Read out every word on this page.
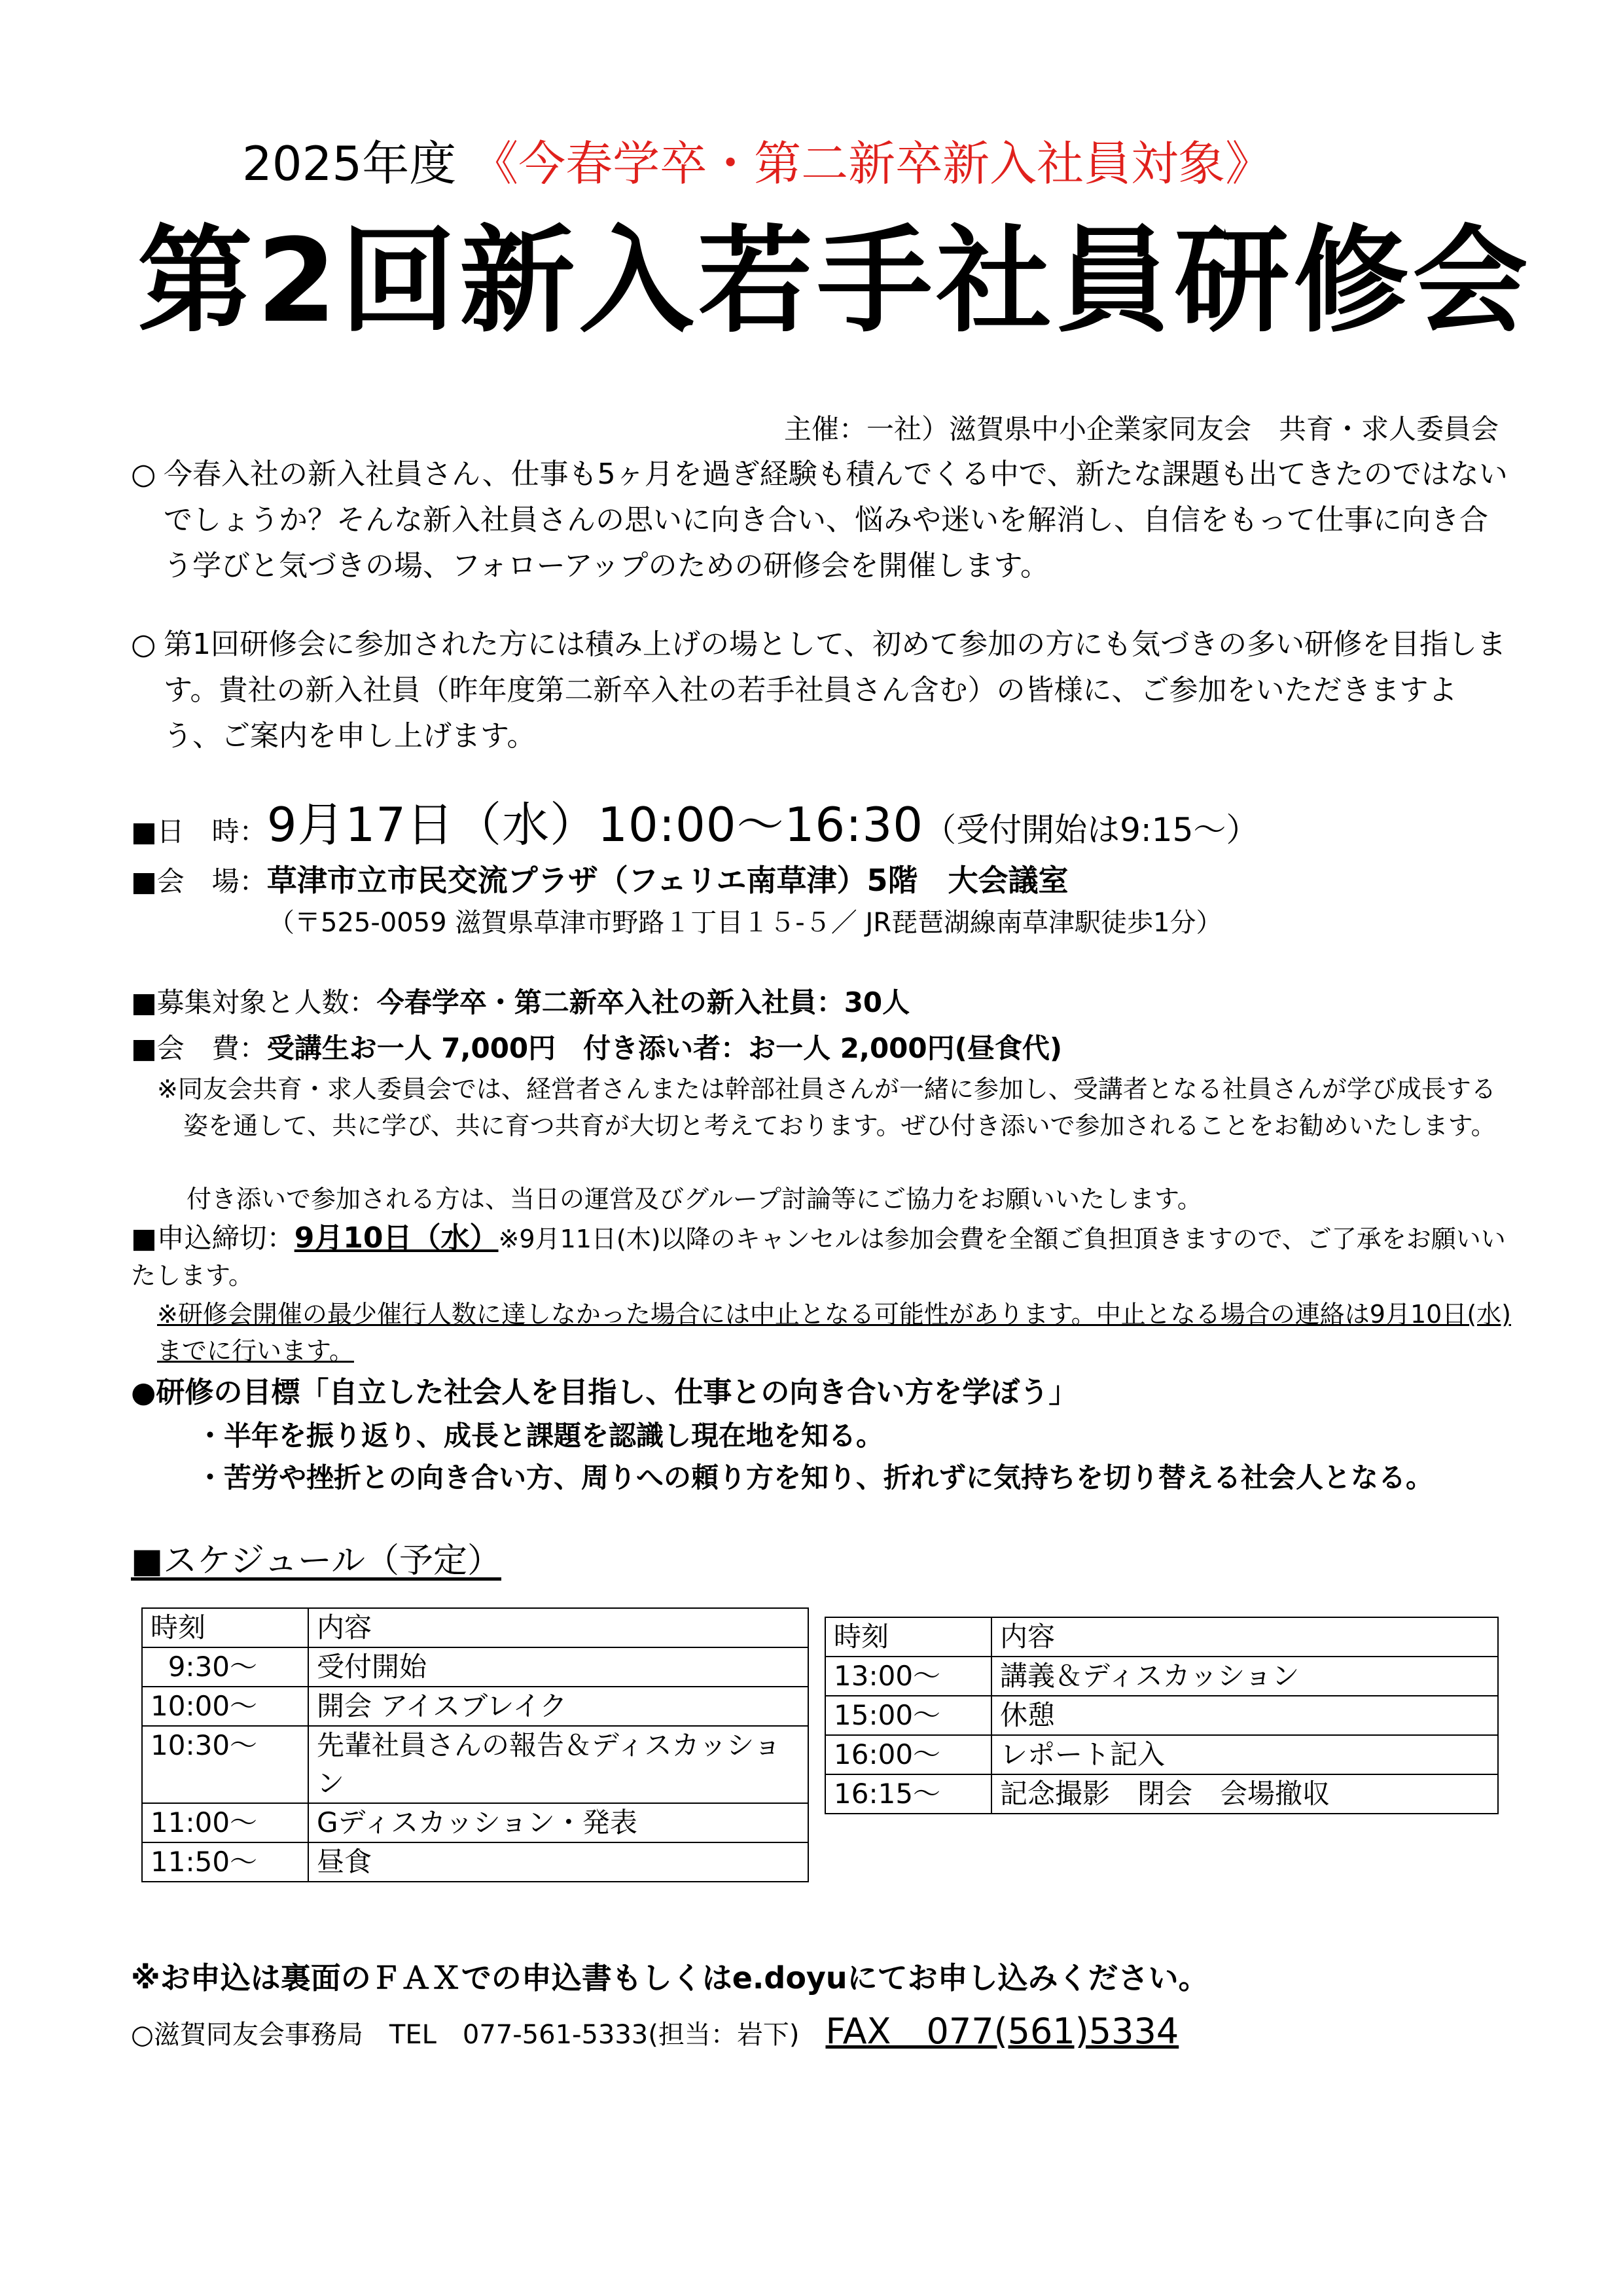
2025年度 《今春学卒・第二新卒新入社員対象》
第2回新入若手社員研修会
主催：一社）滋賀県中小企業家同友会　共育・求人委員会
○ 今春入社の新入社員さん、仕事も5ヶ月を過ぎ経験も積んでくる中で、新たな課題も出てきたのではないでしょうか？そんな新入社員さんの思いに向き合い、悩みや迷いを解消し、自信をもって仕事に向き合う学びと気づきの場、フォローアップのための研修会を開催します。
○ 第1回研修会に参加された方には積み上げの場として、初めて参加の方にも気づきの多い研修を目指します。貴社の新入社員（昨年度第二新卒入社の若手社員さん含む）の皆様に、ご参加をいただきますよう、ご案内を申し上げます。
■日　時：9月17日（水）10:00〜16:30（受付開始は9:15〜）
■会　場：草津市立市民交流プラザ（フェリエ南草津）5階　大会議室
（〒525-0059 滋賀県草津市野路１丁目１５-５／ JR琵琶湖線南草津駅徒歩1分）
■募集対象と人数：今春学卒・第二新卒入社の新入社員：30人
■会　費：受講生お一人 7,000円　付き添い者：お一人 2,000円(昼食代)
※同友会共育・求人委員会では、経営者さんまたは幹部社員さんが一緒に参加し、受講者となる社員さんが学び成長する姿を通して、共に学び、共に育つ共育が大切と考えております。ぜひ付き添いで参加されることをお勧めいたします。
付き添いで参加される方は、当日の運営及びグループ討論等にご協力をお願いいたします。
■申込締切：9月10日（水）※9月11日(木)以降のキャンセルは参加会費を全額ご負担頂きますので、ご了承をお願いいたします。
※研修会開催の最少催行人数に達しなかった場合には中止となる可能性があります。中止となる場合の連絡は9月10日(水)までに行います。
●研修の目標「自立した社会人を目指し、仕事との向き合い方を学ぼう」
・半年を振り返り、成長と課題を認識し現在地を知る。
・苦労や挫折との向き合い方、周りへの頼り方を知り、折れずに気持ちを切り替える社会人となる。
■スケジュール（予定）
時刻	内容
9:30〜	受付開始
10:00〜	開会 アイスブレイク
10:30〜	先輩社員さんの報告＆ディスカッション
11:00〜	Gディスカッション・発表
11:50〜	昼食
時刻	内容
13:00〜	講義＆ディスカッション
15:00〜	休憩
16:00〜	レポート記入
16:15〜	記念撮影　閉会　会場撤収
※お申込は裏面のＦＡＸでの申込書もしくはe.doyuにてお申し込みください。
○滋賀同友会事務局　TEL　077-561-5333(担当：岩下) FAX　077(561)5334
